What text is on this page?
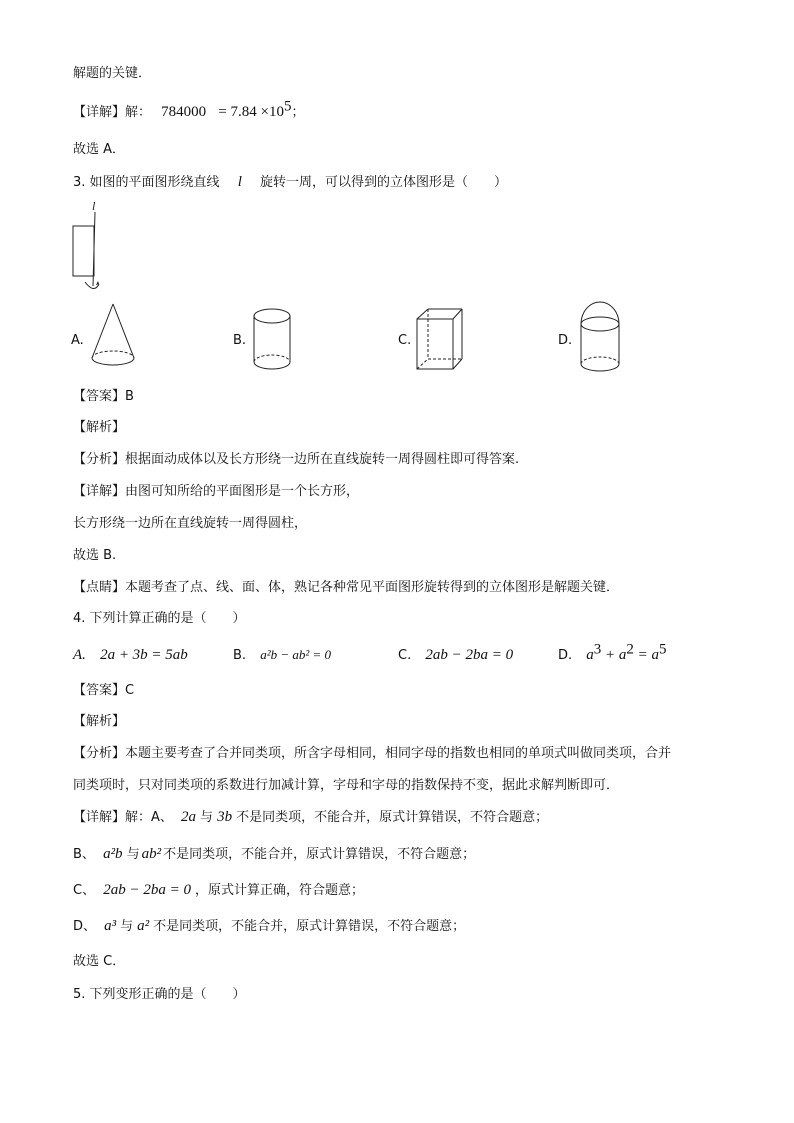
解题的关键．
【详解】解： $784000 = 7.84 \times 10^5$；
故选 A．
3. 如图的平面图形绕直线 l 旋转一周，可以得到的立体图形是（　　）
l
A.	B.	C.	D.
【答案】B
【解析】
【分析】根据面动成体以及长方形绕一边所在直线旋转一周得圆柱即可得答案.
【详解】由图可知所给的平面图形是一个长方形，
长方形绕一边所在直线旋转一周得圆柱，
故选 B.
【点睛】本题考查了点、线、面、体，熟记各种常见平面图形旋转得到的立体图形是解题关键．
4. 下列计算正确的是（　　）
A. 2a + 3b = 5ab	B. a²b − ab² = 0	C. 2ab − 2ba = 0	D. $a^3 + a^2 = a^5$
【答案】C
【解析】
【分析】本题主要考查了合并同类项，所含字母相同，相同字母的指数也相同的单项式叫做同类项，合并
同类项时，只对同类项的系数进行加减计算，字母和字母的指数保持不变，据此求解判断即可．
【详解】解：A、 2a 与 3b 不是同类项，不能合并，原式计算错误，不符合题意；
B、 a²b 与 ab² 不是同类项，不能合并，原式计算错误，不符合题意；
C、 2ab − 2ba = 0 ，原式计算正确，符合题意；
D、 a³ 与 a² 不是同类项，不能合并，原式计算错误，不符合题意；
故选 C．
5. 下列变形正确的是（　　）
